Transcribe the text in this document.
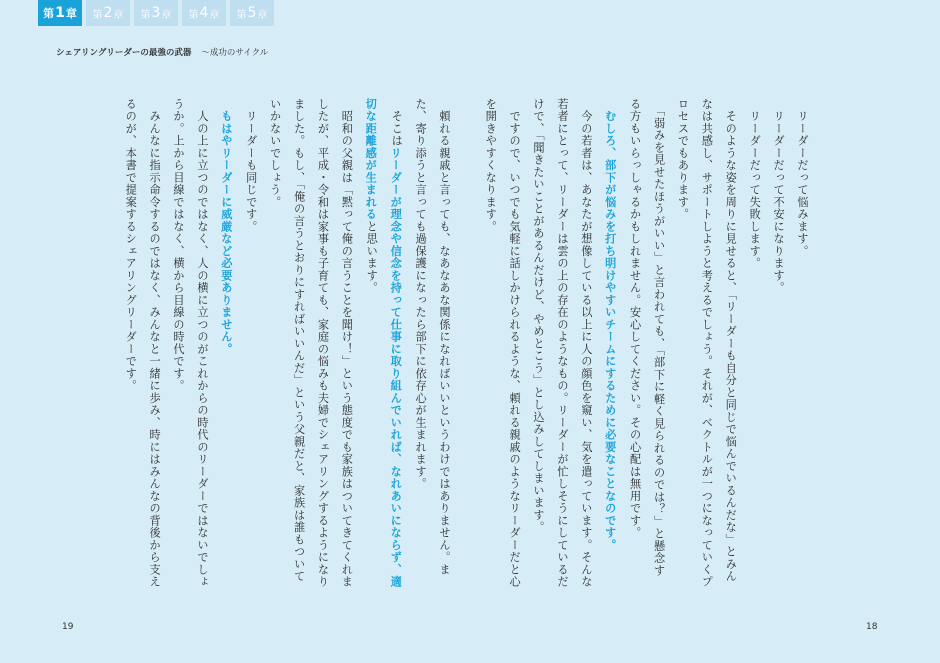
第 1 章 第 2 章 第 3 章 第 4 章 第 5 章
シェアリングリーダーの最強の武器 〜成功のサイクル

　リーダーだって悩みます。

　リーダーだって不安になります。

　リーダーだって失敗します。

　そのような姿を周りに見せると、「リーダーも自分と同じで悩んでいるんだな」とみんなは共感し、サポートしようと考えるでしょう。それが、ベクトルが一つになっていくプロセスでもあります。

　「弱みを見せたほうがいい」と言われても、「部下に軽く見られるのでは？」と懸念する方もいらっしゃるかもしれません。安心してください。その心配は無用です。

　むしろ、部下が悩みを打ち明けやすいチームにするために必要なことなのです。

　今の若者は、あなたが想像している以上に人の顔色を窺い、気を遣っています。そんな若者にとって、リーダーは雲の上の存在のようなもの。リーダーが忙しそうにしているだけで、「聞きたいことがあるんだけど、やめとこう」とし込みしてしまいます。

　ですので、いつでも気軽に話しかけられるような、頼れる親戚のようなリーダーだと心を開きやすくなります。

　頼れる親戚と言っても、なあなあな関係になればいいというわけではありません。また、寄り添うと言っても過保護になったら部下に依存心が生まれます。

　そこはリーダーが理念や信念を持って仕事に取り組んでいれば、なれあいにならず、適切な距離感が生まれると思います。

　昭和の父親は「黙って俺の言うことを聞け！」という態度でも家族はついてきてくれましたが、平成・令和は家事も子育ても、家庭の悩みも夫婦でシェアリングするようになりました。もし、「俺の言うとおりにすればいいんだ」という父親だと、家族は誰もついていかないでしょう。

　リーダーも同じです。

　もはやリーダーに威厳など必要ありません。

　人の上に立つのではなく、人の横に立つのがこれからの時代のリーダーではないでしょうか。上から目線ではなく、横から目線の時代です。

　みんなに指示命令するのではなく、みんなと一緒に歩み、時にはみんなの背後から支えるのが、本書で提案するシェアリングリーダーです。

19	18
